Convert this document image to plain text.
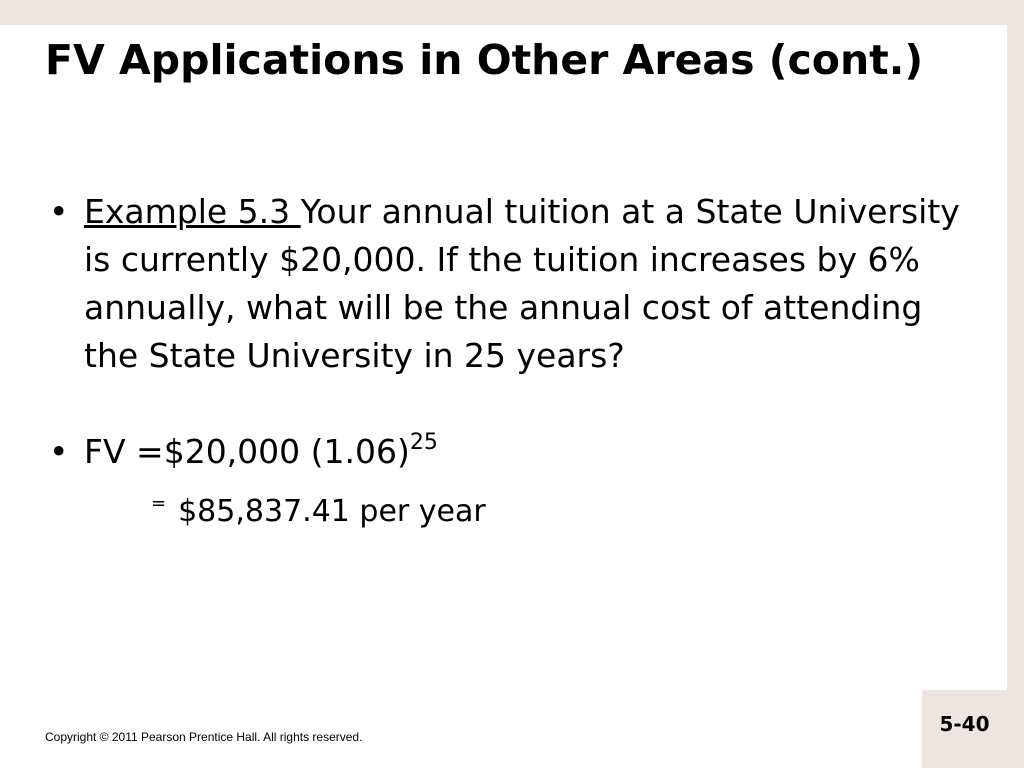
FV Applications in Other Areas (cont.)
• Example 5.3 Your annual tuition at a State University is currently $20,000. If the tuition increases by 6% annually, what will be the annual cost of attending the State University in 25 years?
• FV =$20,000 $(1.06)^{25}$
= $85,837.41 per year
Copyright © 2011 Pearson Prentice Hall. All rights reserved.
5-40
